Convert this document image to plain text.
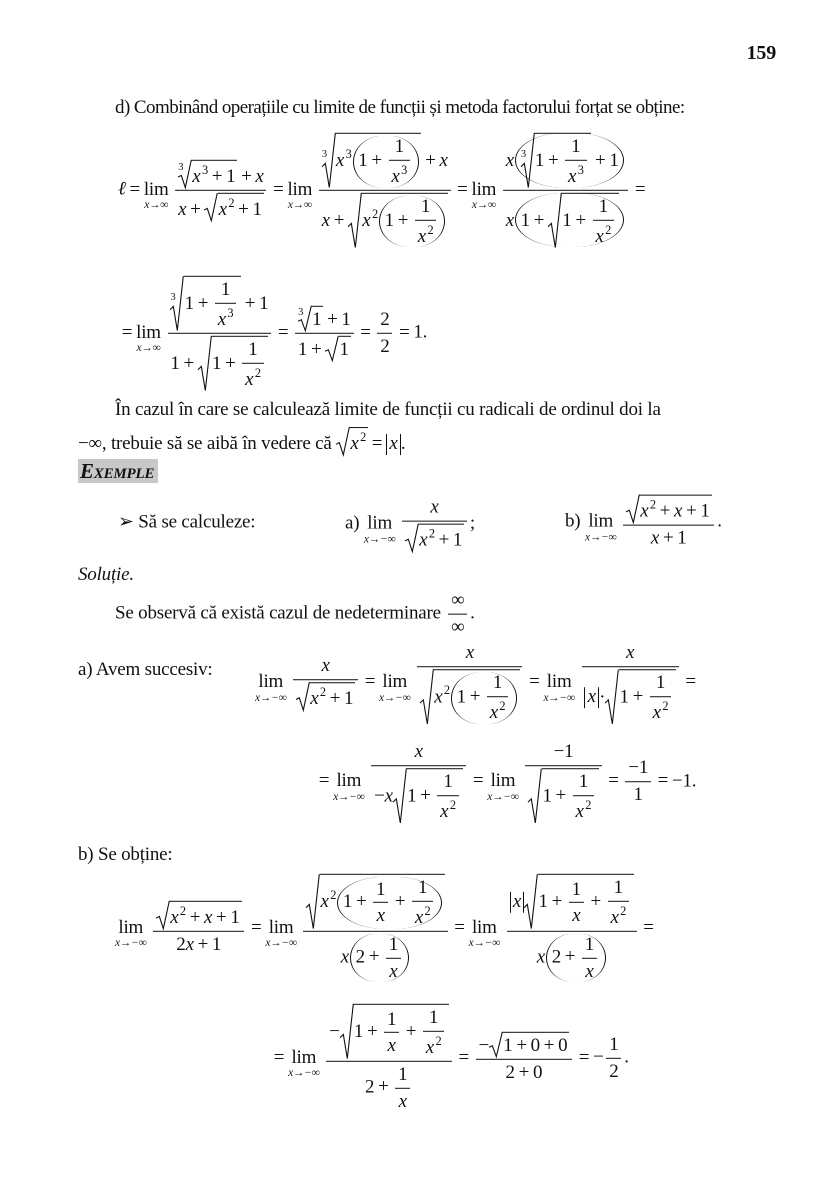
159
d) Combinând operațiile cu limite de funcții și metoda factorului forțat se obține:
ℓ = lim
$x\to\infty \frac{3 x^3 + 1 + x}{x + x^2 + 1} = \lim$
$x\to\infty \frac{3 x^3 1 + \frac{1}{x^3} + x}{x + x^2 1 + \frac{1}{x^2}} = \lim$
$x\to\infty \frac{x 3 1 + \frac{1}{x^3} + 1}{x 1 + 1 + \frac{1}{x^2}}$ =
= lim
$x\to\infty \frac{3 1 + \frac{1}{x^3} + 1}{1 + 1 + \frac{1}{x^2}} = \frac{3 1 + 1}{1 + 1} = \frac{2}{2} = 1$.
În cazul în care se calculează limite de funcții cu radicali de ordinul doi la
−∞, trebuie să se aibă în vedere că
$x^2 = x$ .
Exemple
➢ Să se calculeze:	a) lim
$x\to-\infty \frac{x}{x^2 + 1}$ ;	b) lim
$x\to-\infty \frac{x^2 + x + 1}{x + 1}$ .
Soluție.
Se observă că există cazul de nedeterminare $\frac{\infty}{\infty}$ .
a) Avem succesiv:
lim
$x\to-\infty \frac{x}{x^2 + 1} = \lim$
$x\to-\infty \frac{x}{x^2 1 + \frac{1}{x^2}} = \lim$
$x\to-\infty \frac{x}{x \cdot 1 + \frac{1}{x^2}}$ =
= lim
$x\to-\infty \frac{x}{-x 1 + \frac{1}{x^2}} = \lim$
$x\to-\infty \frac{-1}{1 + \frac{1}{x^2}} = \frac{-1}{1} = -1$.
b) Se obține:
lim
$x\to-\infty \frac{x^2 + x + 1}{2x + 1} = \lim$
$x\to-\infty \frac{x^2 1 + \frac{1}{x} + \frac{1}{x^2}}{x 2 + \frac{1}{x}} = \lim$
$x\to-\infty \frac{x 1 + \frac{1}{x} + \frac{1}{x^2}}{x 2 + \frac{1}{x}}$ =
= lim
$x\to-\infty \frac{- 1 + \frac{1}{x} + \frac{1}{x^2}}{2 + \frac{1}{x}} = \frac{- 1 + 0 + 0}{2 + 0}$ = − $\frac{1}{2}$ .
